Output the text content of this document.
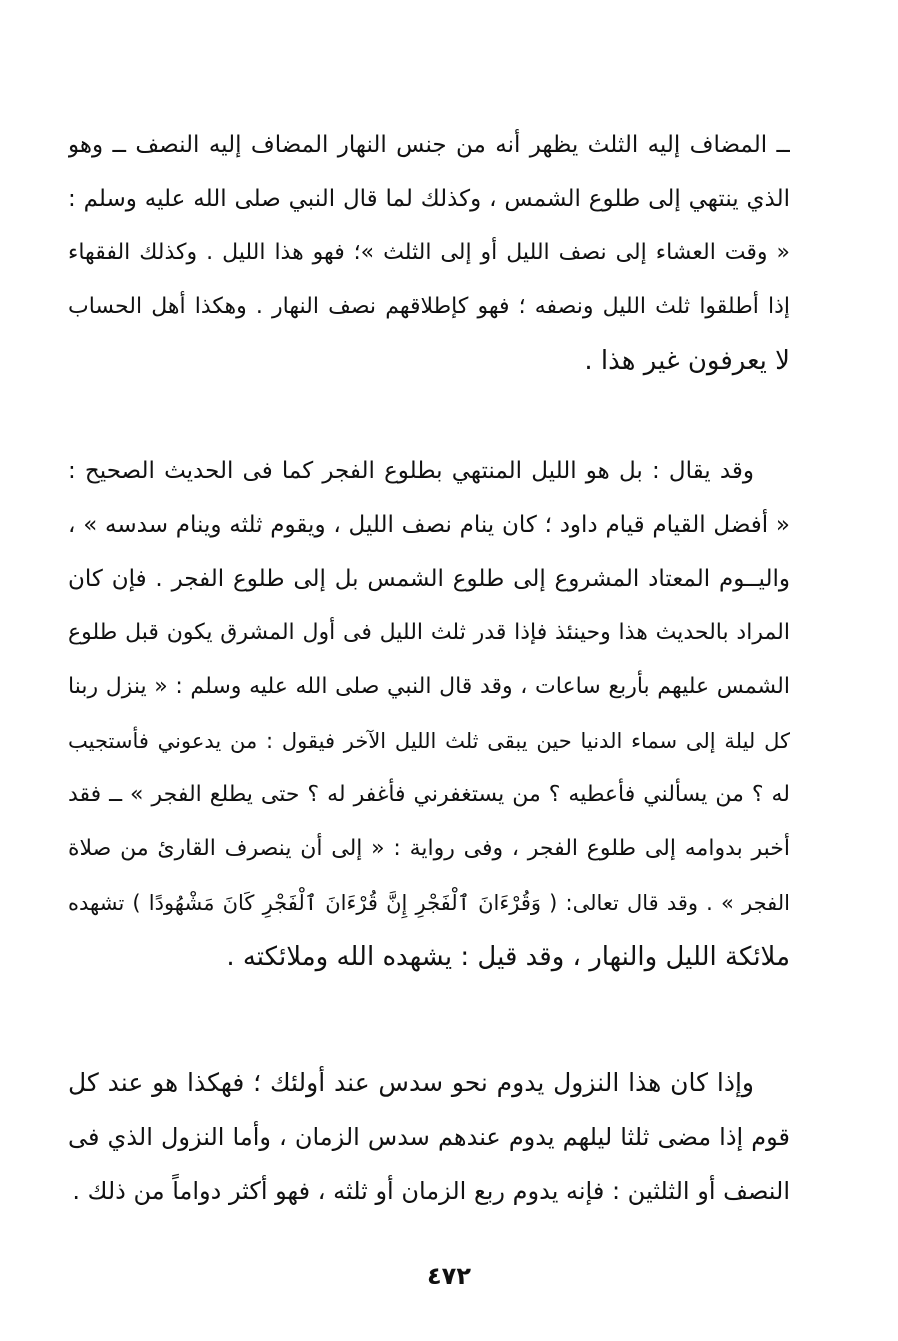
ــ المضاف إليه الثلث يظهر أنه من جنس النهار المضاف إليه النصف ــ وهو
الذي ينتهي إلى طلوع الشمس ، وكذلك لما قال النبي صلى الله عليه وسلم :
« وقت العشاء إلى نصف الليل أو إلى الثلث »؛ فهو هذا الليل . وكذلك الفقهاء
إذا أطلقوا ثلث الليل ونصفه ؛ فهو كإطلاقهم نصف النهار . وهكذا أهل الحساب
لا يعرفون غير هذا .
وقد يقال : بل هو الليل المنتهي بطلوع الفجر كما فى الحديث الصحيح :
« أفضل القيام قيام داود ؛ كان ينام نصف الليل ، ويقوم ثلثه وينام سدسه » ،
واليــوم المعتاد المشروع إلى طلوع الشمس بل إلى طلوع الفجر . فإن كان
المراد بالحديث هذا وحينئذ فإذا قدر ثلث الليل فى أول المشرق يكون قبل طلوع
الشمس عليهم بأربع ساعات ، وقد قال النبي صلى الله عليه وسلم : « ينزل ربنا
كل ليلة إلى سماء الدنيا حين يبقى ثلث الليل الآخر فيقول : من يدعوني فأستجيب
له ؟ من يسألني فأعطيه ؟ من يستغفرني فأغفر له ؟ حتى يطلع الفجر » ــ فقد
أخبر بدوامه إلى طلوع الفجر ، وفى رواية : « إلى أن ينصرف القارئ من صلاة
الفجر » . وقد قال تعالى: ( وَقُرْءَانَ ٱلْفَجْرِ إِنَّ قُرْءَانَ ٱلْفَجْرِ كَانَ مَشْهُودًا ) تشهده
ملائكة الليل والنهار ، وقد قيل : يشهده الله وملائكته .
وإذا كان هذا النزول يدوم نحو سدس عند أولئك ؛ فهكذا هو عند كل
قوم إذا مضى ثلثا ليلهم يدوم عندهم سدس الزمان ، وأما النزول الذي فى
النصف أو الثلثين : فإنه يدوم ربع الزمان أو ثلثه ، فهو أكثر دواماً من ذلك .
٤٧٢
